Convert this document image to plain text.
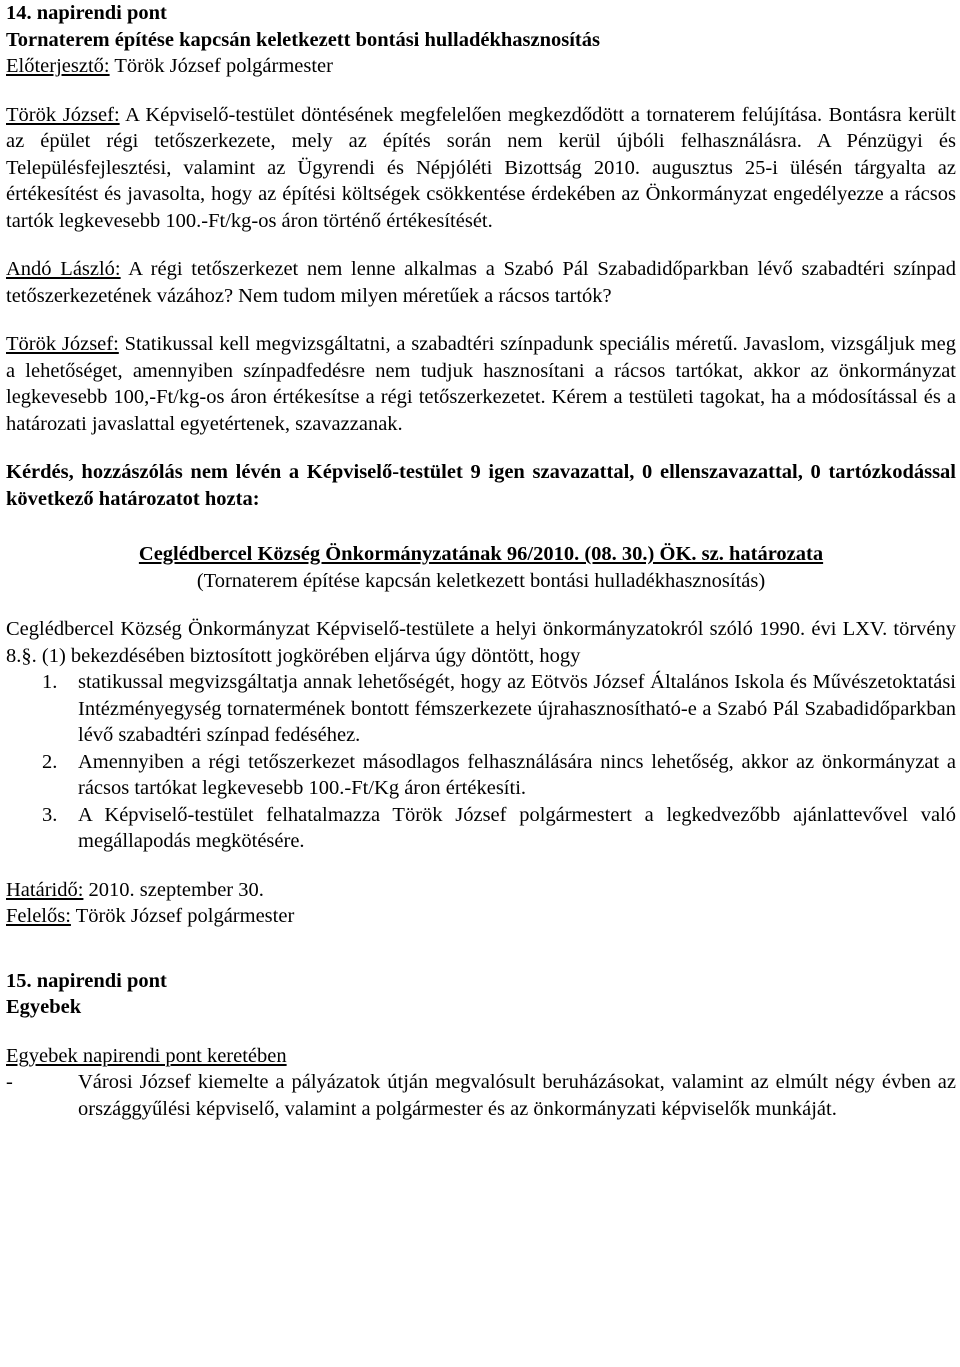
14. napirendi pont

Tornaterem építése kapcsán keletkezett bontási hulladékhasznosítás

Előterjesztő: Török József polgármester

Török József: A Képviselő-testület döntésének megfelelően megkezdődött a tornaterem felújítása. Bontásra került az épület régi tetőszerkezete, mely az építés során nem kerül újbóli felhasználásra. A Pénzügyi és Településfejlesztési, valamint az Ügyrendi és Népjóléti Bizottság 2010. augusztus 25-i ülésén tárgyalta az értékesítést és javasolta, hogy az építési költségek csökkentése érdekében az Önkormányzat engedélyezze a rácsos tartók legkevesebb 100.-Ft/kg-os áron történő értékesítését.

Andó László: A régi tetőszerkezet nem lenne alkalmas a Szabó Pál Szabadidőparkban lévő szabadtéri színpad tetőszerkezetének vázához? Nem tudom milyen méretűek a rácsos tartók?

Török József: Statikussal kell megvizsgáltatni, a szabadtéri színpadunk speciális méretű. Javaslom, vizsgáljuk meg a lehetőséget, amennyiben színpadfedésre nem tudjuk hasznosítani a rácsos tartókat, akkor az önkormányzat legkevesebb 100,-Ft/kg-os áron értékesítse a régi tetőszerkezetet. Kérem a testületi tagokat, ha a módosítással és a határozati javaslattal egyetértenek, szavazzanak.

Kérdés, hozzászólás nem lévén a Képviselő-testület 9 igen szavazattal, 0 ellenszavazattal, 0 tartózkodással következő határozatot hozta:

Ceglédbercel Község Önkormányzatának 96/2010. (08. 30.) ÖK. sz. határozata

(Tornaterem építése kapcsán keletkezett bontási hulladékhasznosítás)

Ceglédbercel Község Önkormányzat Képviselő-testülete a helyi önkormányzatokról szóló 1990. évi LXV. törvény 8.§. (1) bekezdésében biztosított jogkörében eljárva úgy döntött, hogy

1. statikussal megvizsgáltatja annak lehetőségét, hogy az Eötvös József Általános Iskola és Művészetoktatási Intézményegység tornatermének bontott fémszerkezete újrahasznosítható-e a Szabó Pál Szabadidőparkban lévő szabadtéri színpad fedéséhez.
2. Amennyiben a régi tetőszerkezet másodlagos felhasználására nincs lehetőség, akkor az önkormányzat a rácsos tartókat legkevesebb 100.-Ft/Kg áron értékesíti.
3. A Képviselő-testület felhatalmazza Török József polgármestert a legkedvezőbb ajánlattevővel való megállapodás megkötésére.

Határidő: 2010. szeptember 30.

Felelős: Török József polgármester

15. napirendi pont

Egyebek

Egyebek napirendi pont keretében

-	Városi József kiemelte a pályázatok útján megvalósult beruházásokat, valamint az elmúlt négy évben az országgyűlési képviselő, valamint a polgármester és az önkormányzati képviselők munkáját.
